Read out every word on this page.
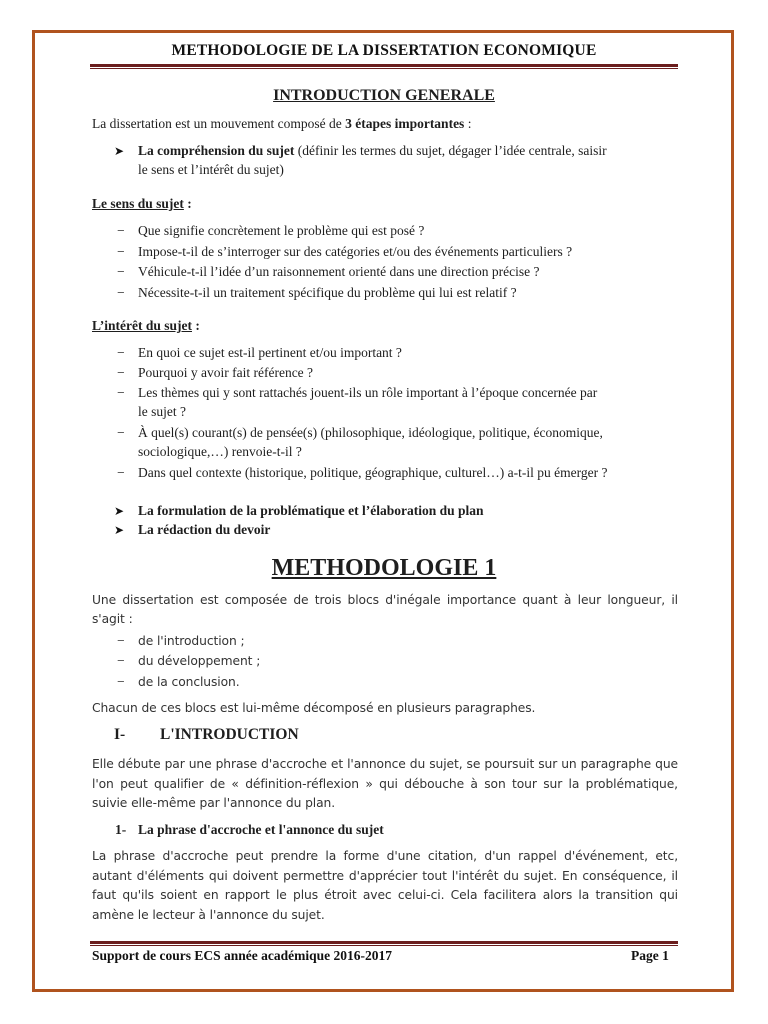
METHODOLOGIE DE LA DISSERTATION ECONOMIQUE
INTRODUCTION GENERALE
La dissertation est un mouvement composé de 3 étapes importantes :
➤ La compréhension du sujet (définir les termes du sujet, dégager l’idée centrale, saisir
le sens et l’intérêt du sujet)
Le sens du sujet :
− Que signifie concrètement le problème qui est posé ?
− Impose-t-il de s’interroger sur des catégories et/ou des événements particuliers ?
− Véhicule-t-il l’idée d’un raisonnement orienté dans une direction précise ?
− Nécessite-t-il un traitement spécifique du problème qui lui est relatif ?
L’intérêt du sujet :
− En quoi ce sujet est-il pertinent et/ou important ?
− Pourquoi y avoir fait référence ?
− Les thèmes qui y sont rattachés jouent-ils un rôle important à l’époque concernée par
le sujet ?
− À quel(s) courant(s) de pensée(s) (philosophique, idéologique, politique, économique,
sociologique,…) renvoie-t-il ?
− Dans quel contexte (historique, politique, géographique, culturel…) a-t-il pu émerger ?
➤ La formulation de la problématique et l’élaboration du plan
➤ La rédaction du devoir
METHODOLOGIE 1
Une dissertation est composée de trois blocs d'inégale importance quant à leur longueur, il s'agit :
− de l'introduction ;
− du développement ;
− de la conclusion.
Chacun de ces blocs est lui-même décomposé en plusieurs paragraphes.
I- L'INTRODUCTION
Elle débute par une phrase d'accroche et l'annonce du sujet, se poursuit sur un paragraphe que l'on peut qualifier de « définition-réflexion » qui débouche à son tour sur la problématique, suivie elle-même par l'annonce du plan.
1- La phrase d'accroche et l'annonce du sujet
La phrase d'accroche peut prendre la forme d'une citation, d'un rappel d'événement, etc, autant d'éléments qui doivent permettre d'apprécier tout l'intérêt du sujet. En conséquence, il faut qu'ils soient en rapport le plus étroit avec celui-ci. Cela facilitera alors la transition qui amène le lecteur à l'annonce du sujet.
Support de cours ECS année académique 2016-2017	Page 1
